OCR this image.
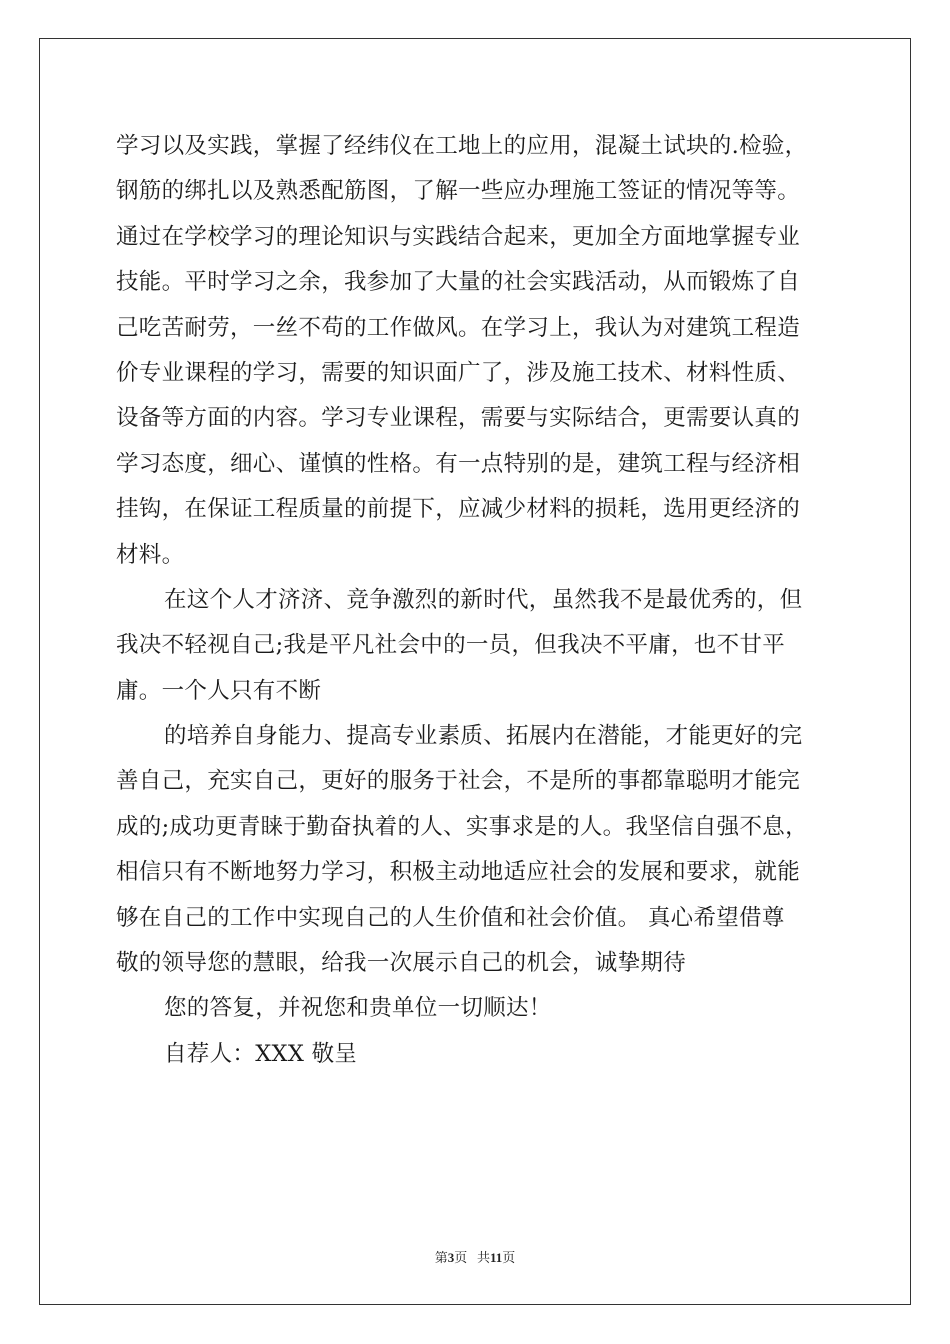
学习以及实践，掌握了经纬仪在工地上的应用，混凝土试块的.检验，
钢筋的绑扎以及熟悉配筋图，了解一些应办理施工签证的情况等等。
通过在学校学习的理论知识与实践结合起来，更加全方面地掌握专业
技能。平时学习之余，我参加了大量的社会实践活动，从而锻炼了自
己吃苦耐劳，一丝不苟的工作做风。在学习上，我认为对建筑工程造
价专业课程的学习，需要的知识面广了，涉及施工技术、材料性质、
设备等方面的内容。学习专业课程，需要与实际结合，更需要认真的
学习态度，细心、谨慎的性格。有一点特别的是，建筑工程与经济相
挂钩，在保证工程质量的前提下，应减少材料的损耗，选用更经济的
材料。
在这个人才济济、竞争激烈的新时代，虽然我不是最优秀的，但
我决不轻视自己;我是平凡社会中的一员，但我决不平庸，也不甘平
庸。一个人只有不断
的培养自身能力、提高专业素质、拓展内在潜能，才能更好的完
善自己，充实自己，更好的服务于社会，不是所的事都靠聪明才能完
成的;成功更青睐于勤奋执着的人、实事求是的人。我坚信自强不息，
相信只有不断地努力学习，积极主动地适应社会的发展和要求，就能
够在自己的工作中实现自己的人生价值和社会价值。 真心希望借尊
敬的领导您的慧眼，给我一次展示自己的机会，诚挚期待
您的答复，并祝您和贵单位一切顺达！
自荐人：XXX 敬呈
第3页 共11页
